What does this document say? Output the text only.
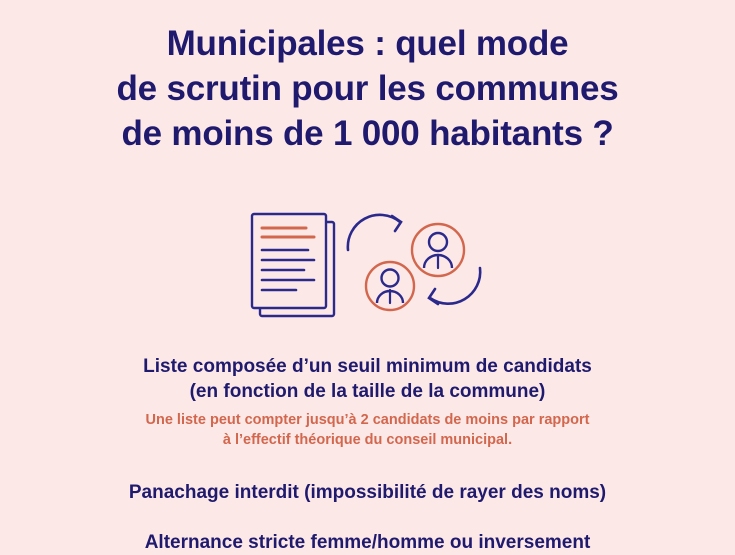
Municipales : quel mode
de scrutin pour les communes
de moins de 1 000 habitants ?
Liste composée d’un seuil minimum de candidats
(en fonction de la taille de la commune)
Une liste peut compter jusqu’à 2 candidats de moins par rapport
à l’effectif théorique du conseil municipal.
Panachage interdit (impossibilité de rayer des noms)
Alternance stricte femme/homme ou inversement
